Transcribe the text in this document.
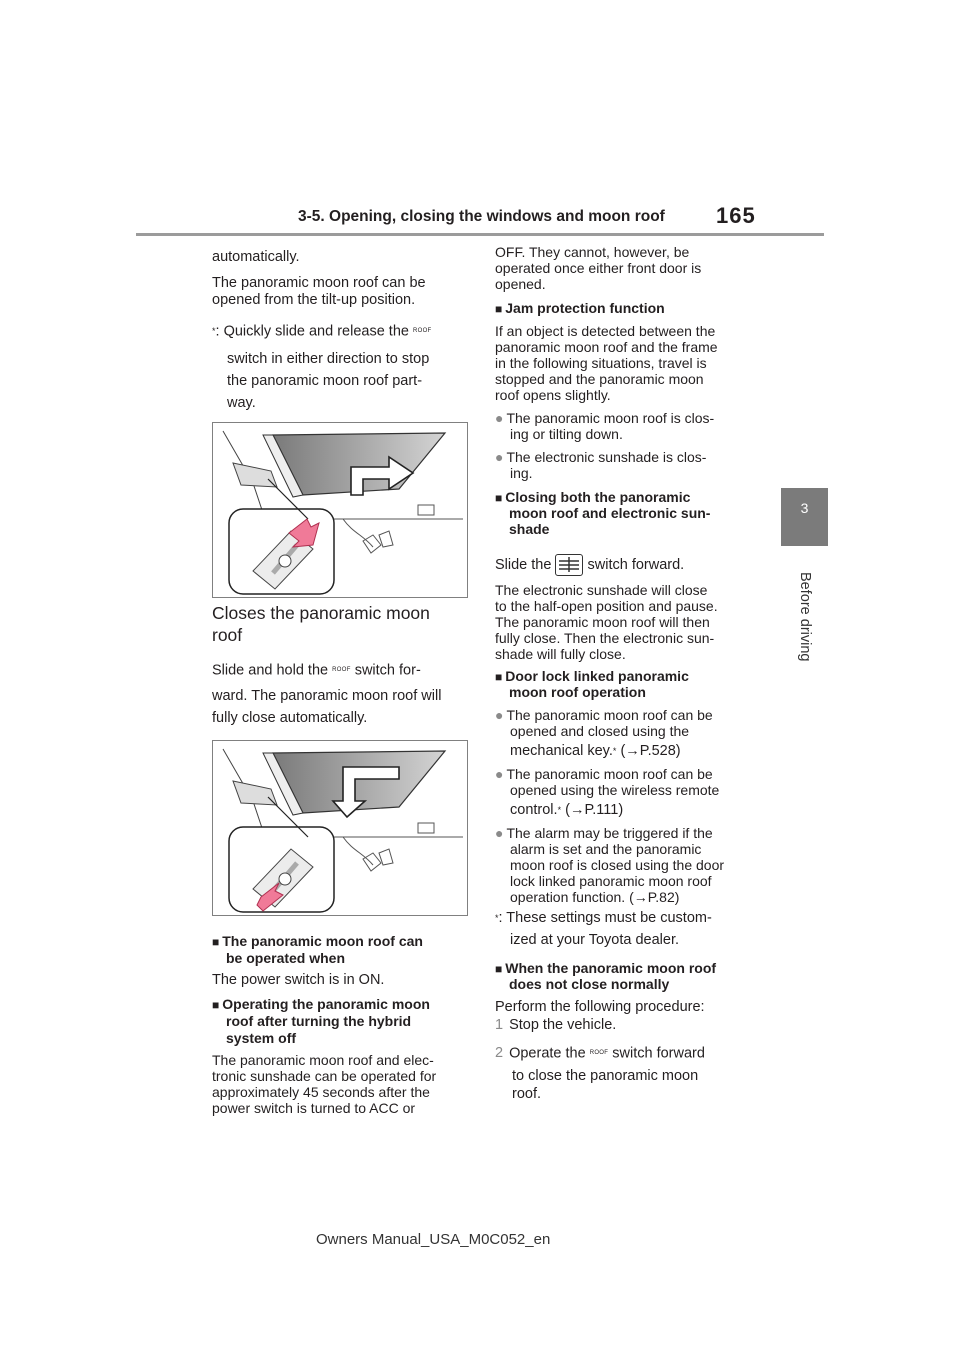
3-5. Opening, closing the windows and moon roof 165
3
Before driving
automatically.
The panoramic moon roof can be
opened from the tilt-up position.
*: Quickly slide and release the ROOF
switch in either direction to stop
the panoramic moon roof part-
way.
Closes the panoramic moon
roof
Slide and hold the ROOF switch for-
ward. The panoramic moon roof will
fully close automatically.
■ The panoramic moon roof can
be operated when
The power switch is in ON.
■ Operating the panoramic moon
roof after turning the hybrid
system off
The panoramic moon roof and elec-
tronic sunshade can be operated for
approximately 45 seconds after the
power switch is turned to ACC or
OFF. They cannot, however, be
operated once either front door is
opened.
■ Jam protection function
If an object is detected between the
panoramic moon roof and the frame
in the following situations, travel is
stopped and the panoramic moon
roof opens slightly.
● The panoramic moon roof is clos-
ing or tilting down.
● The electronic sunshade is clos-
ing.
■ Closing both the panoramic
moon roof and electronic sun-
shade
Slide the switch forward.
The electronic sunshade will close
to the half-open position and pause.
The panoramic moon roof will then
fully close. Then the electronic sun-
shade will fully close.
■ Door lock linked panoramic
moon roof operation
● The panoramic moon roof can be
opened and closed using the
mechanical key.* (→P.528)
● The panoramic moon roof can be
opened using the wireless remote
control.* (→P.111)
● The alarm may be triggered if the
alarm is set and the panoramic
moon roof is closed using the door
lock linked panoramic moon roof
operation function. (→P.82)
*: These settings must be custom-
ized at your Toyota dealer.
■ When the panoramic moon roof
does not close normally
Perform the following procedure:
1 Stop the vehicle.
2 Operate the ROOF switch forward
to close the panoramic moon
roof.
Owners Manual_USA_M0C052_en
